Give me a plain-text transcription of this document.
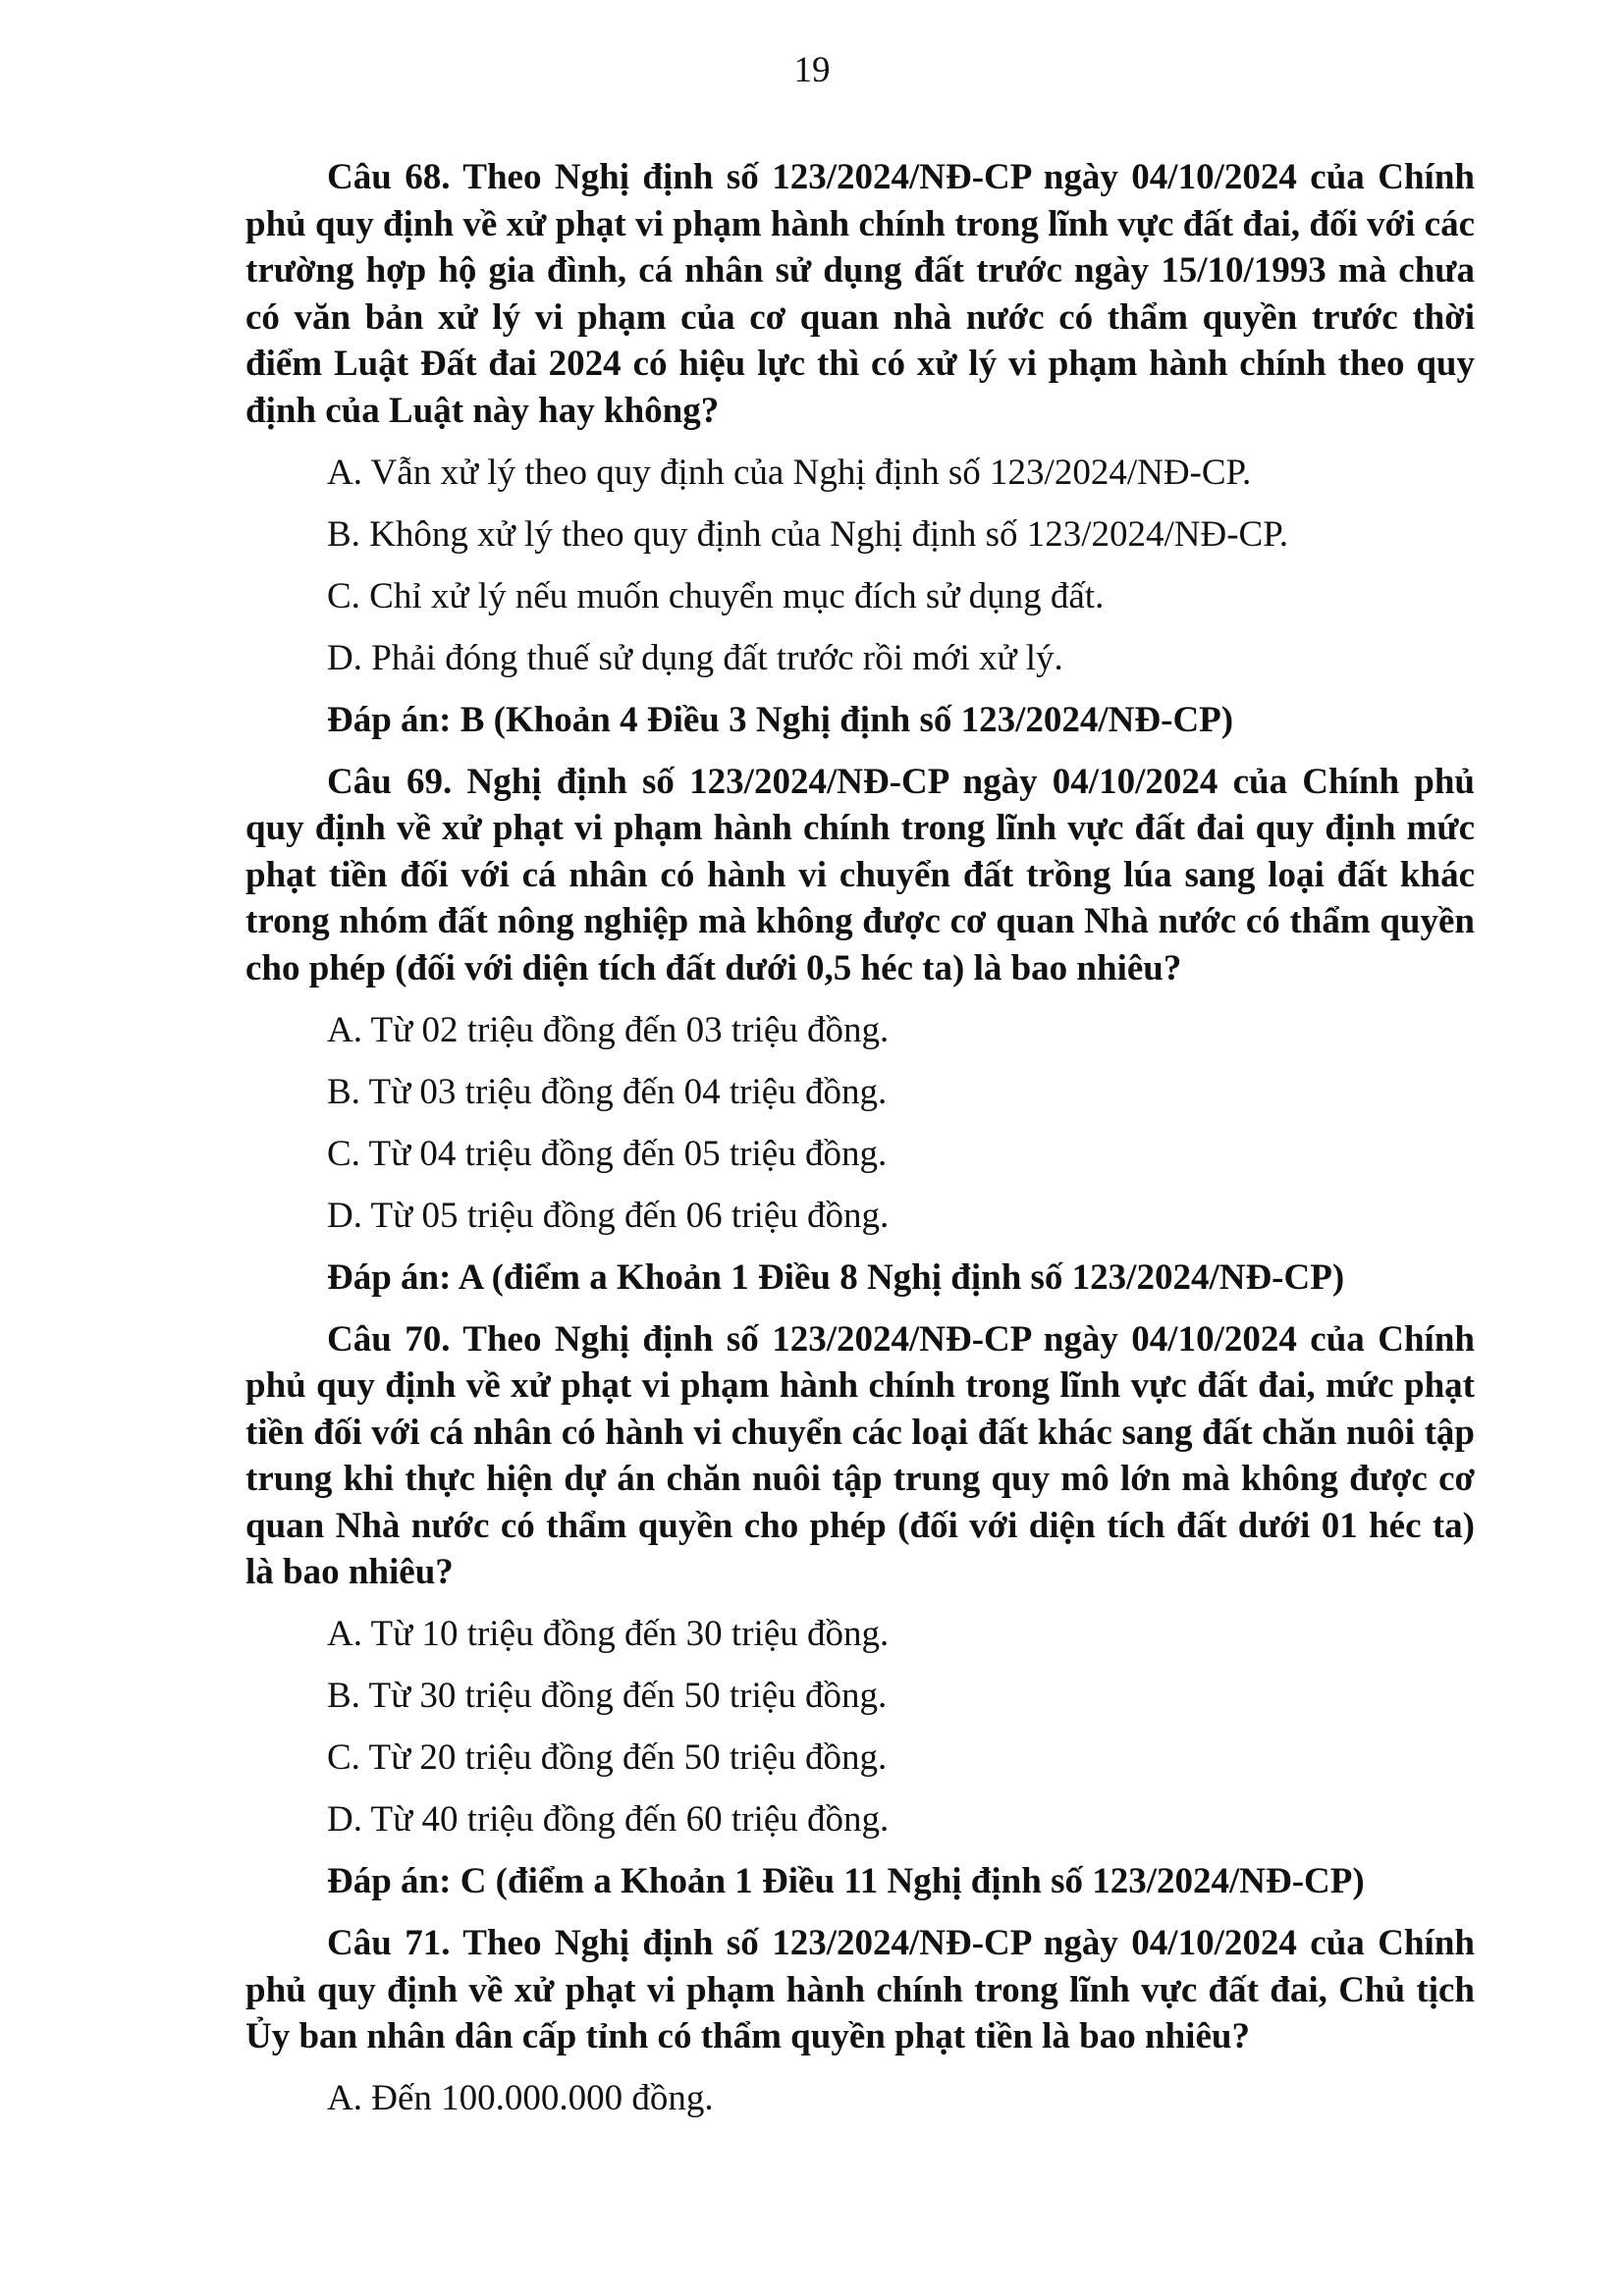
19

Câu 68. Theo Nghị định số 123/2024/NĐ-CP ngày 04/10/2024 của Chính phủ quy định về xử phạt vi phạm hành chính trong lĩnh vực đất đai, đối với các trường hợp hộ gia đình, cá nhân sử dụng đất trước ngày 15/10/1993 mà chưa có văn bản xử lý vi phạm của cơ quan nhà nước có thẩm quyền trước thời điểm Luật Đất đai 2024 có hiệu lực thì có xử lý vi phạm hành chính theo quy định của Luật này hay không?

A. Vẫn xử lý theo quy định của Nghị định số 123/2024/NĐ-CP.

B. Không xử lý theo quy định của Nghị định số 123/2024/NĐ-CP.

C. Chỉ xử lý nếu muốn chuyển mục đích sử dụng đất.

D. Phải đóng thuế sử dụng đất trước rồi mới xử lý.

Đáp án: B (Khoản 4 Điều 3 Nghị định số 123/2024/NĐ-CP)

Câu 69. Nghị định số 123/2024/NĐ-CP ngày 04/10/2024 của Chính phủ quy định về xử phạt vi phạm hành chính trong lĩnh vực đất đai quy định mức phạt tiền đối với cá nhân có hành vi chuyển đất trồng lúa sang loại đất khác trong nhóm đất nông nghiệp mà không được cơ quan Nhà nước có thẩm quyền cho phép (đối với diện tích đất dưới 0,5 héc ta) là bao nhiêu?

A. Từ 02 triệu đồng đến 03 triệu đồng.

B. Từ 03 triệu đồng đến 04 triệu đồng.

C. Từ 04 triệu đồng đến 05 triệu đồng.

D. Từ 05 triệu đồng đến 06 triệu đồng.

Đáp án: A (điểm a Khoản 1 Điều 8 Nghị định số 123/2024/NĐ-CP)

Câu 70. Theo Nghị định số 123/2024/NĐ-CP ngày 04/10/2024 của Chính phủ quy định về xử phạt vi phạm hành chính trong lĩnh vực đất đai, mức phạt tiền đối với cá nhân có hành vi chuyển các loại đất khác sang đất chăn nuôi tập trung khi thực hiện dự án chăn nuôi tập trung quy mô lớn mà không được cơ quan Nhà nước có thẩm quyền cho phép (đối với diện tích đất dưới 01 héc ta) là bao nhiêu?

A. Từ 10 triệu đồng đến 30 triệu đồng.

B. Từ 30 triệu đồng đến 50 triệu đồng.

C. Từ 20 triệu đồng đến 50 triệu đồng.

D. Từ 40 triệu đồng đến 60 triệu đồng.

Đáp án: C (điểm a Khoản 1 Điều 11 Nghị định số 123/2024/NĐ-CP)

Câu 71. Theo Nghị định số 123/2024/NĐ-CP ngày 04/10/2024 của Chính phủ quy định về xử phạt vi phạm hành chính trong lĩnh vực đất đai, Chủ tịch Ủy ban nhân dân cấp tỉnh có thẩm quyền phạt tiền là bao nhiêu?

A. Đến 100.000.000 đồng.
